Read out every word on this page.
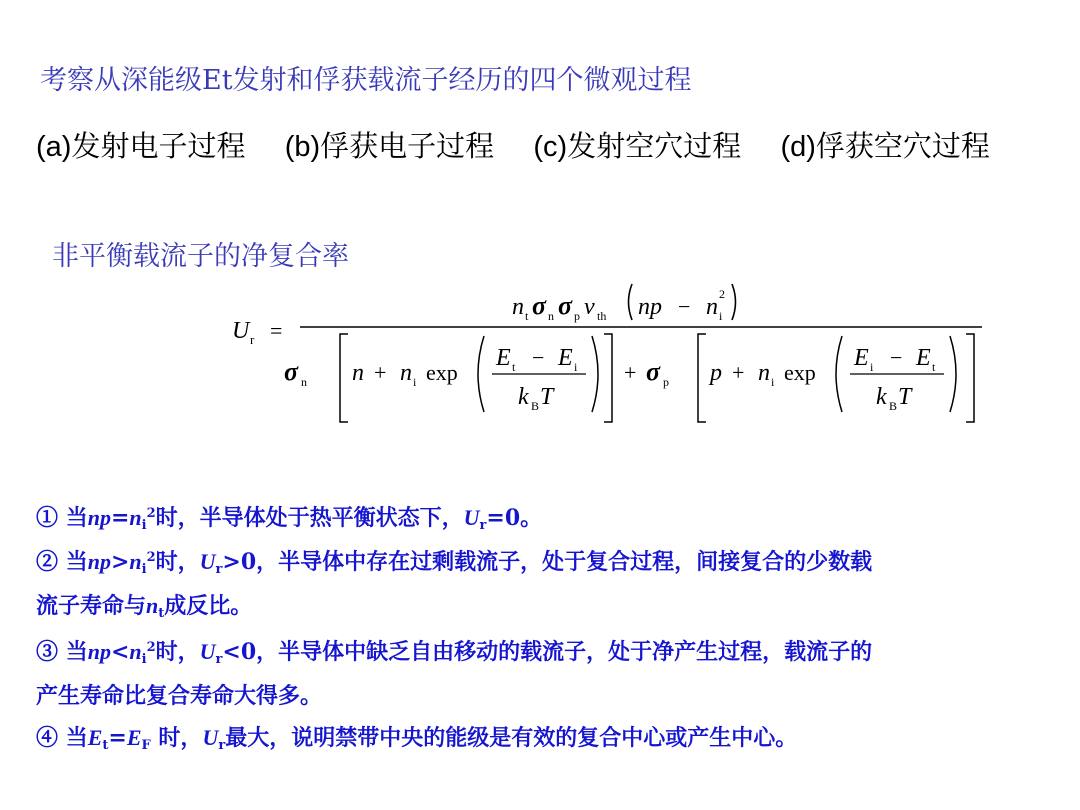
考察从深能级Et发射和俘获载流子经历的四个微观过程
(a)发射电子过程 (b)俘获电子过程 (c)发射空穴过程 (d)俘获空穴过程
非平衡载流子的净复合率
U r =
n t σ n σ p v th np − n i
2
σ n n + n i exp
E t − E i
k B T
+ σ p p + n i exp
E i − E t
k B T
① 当$np=n_i^2$时，半导体处于热平衡状态下，$U_r=0$。
② 当$np>n_i^2$时，$U_r>0$，半导体中存在过剩载流子，处于复合过程，间接复合的少数载
流子寿命与$n_t$成反比。
③ 当$np<n_i^2$时，$U_r<0$，半导体中缺乏自由移动的载流子，处于净产生过程，载流子的
产生寿命比复合寿命大得多。
④ 当$E_t=E_F$ 时，$U_r$最大，说明禁带中央的能级是有效的复合中心或产生中心。
